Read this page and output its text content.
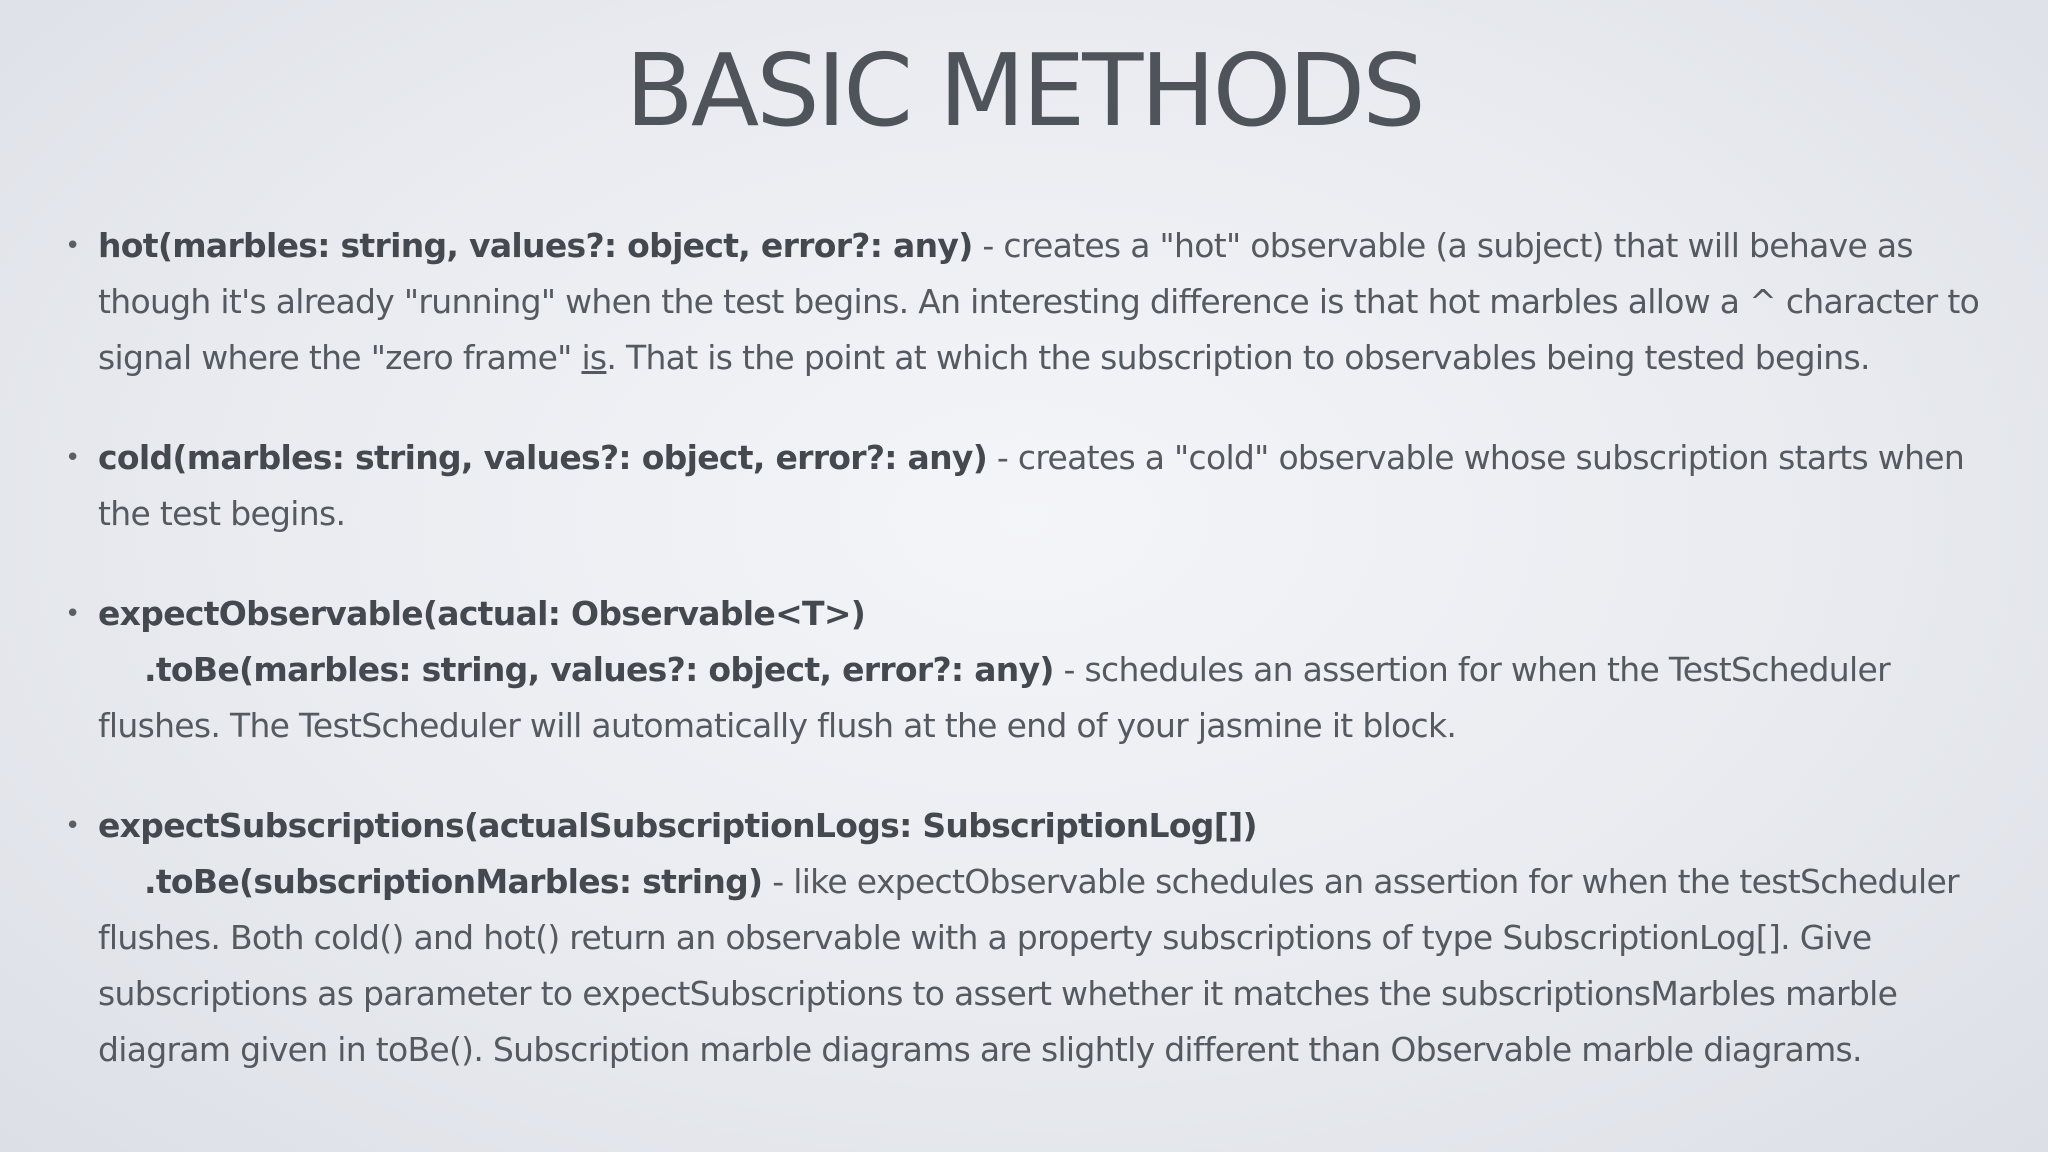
BASIC METHODS
• hot(marbles: string, values?: object, error?: any) - creates a "hot" observable (a subject) that will behave as though it's already "running" when the test begins. An interesting difference is that hot marbles allow a ^ character to signal where the "zero frame" is. That is the point at which the subscription to observables being tested begins.
• cold(marbles: string, values?: object, error?: any) - creates a "cold" observable whose subscription starts when the test begins.
• expectObservable(actual: Observable<T>)
.toBe(marbles: string, values?: object, error?: any) - schedules an assertion for when the TestScheduler flushes. The TestScheduler will automatically flush at the end of your jasmine it block.
• expectSubscriptions(actualSubscriptionLogs: SubscriptionLog[])
.toBe(subscriptionMarbles: string) - like expectObservable schedules an assertion for when the testScheduler flushes. Both cold() and hot() return an observable with a property subscriptions of type SubscriptionLog[]. Give subscriptions as parameter to expectSubscriptions to assert whether it matches the subscriptionsMarbles marble diagram given in toBe(). Subscription marble diagrams are slightly different than Observable marble diagrams.
